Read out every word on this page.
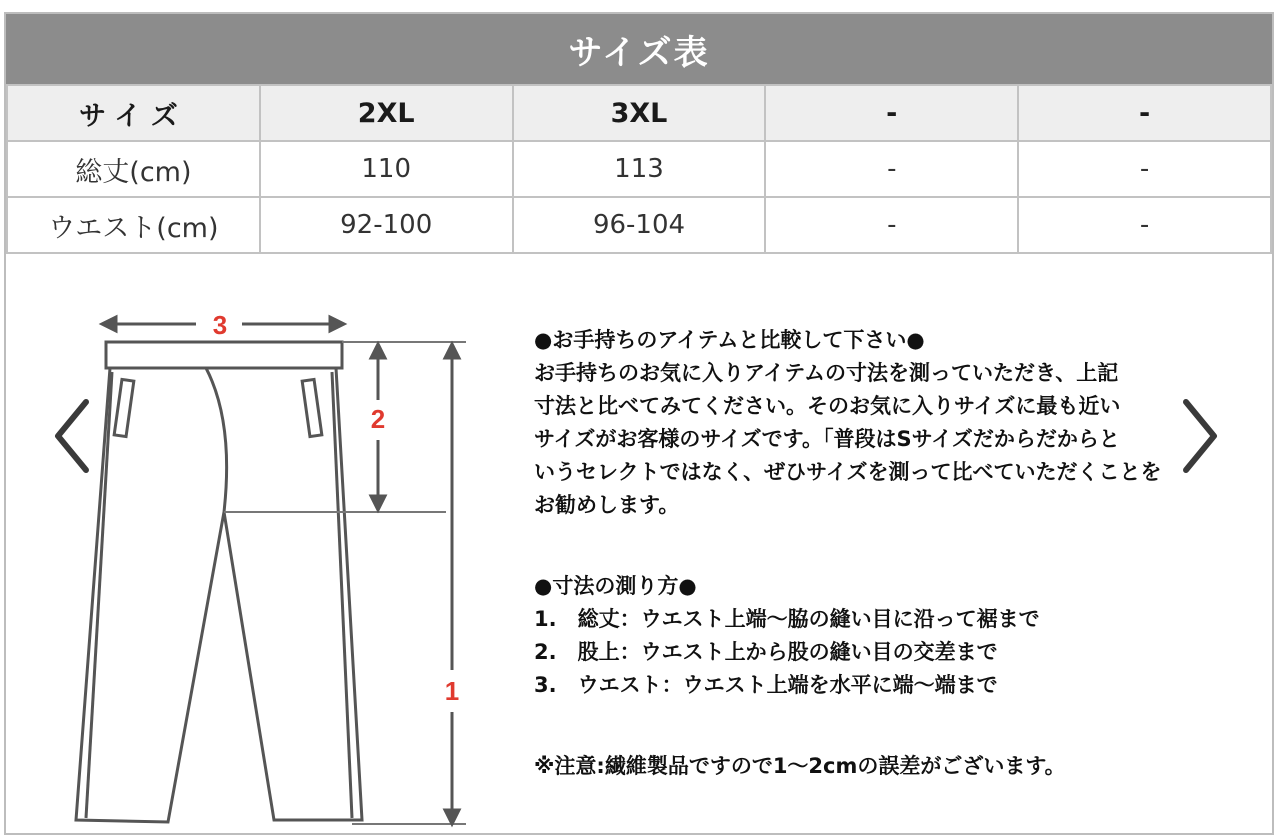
サイズ表
サイズ	2XL	3XL	-	-
総丈(cm)	110	113	-	-
ウエスト(cm)	92-100	96-104	-	-
3
2
1

●お手持ちのアイテムと比較して下さい●

お手持ちのお気に入りアイテムの寸法を測っていただき、上記

寸法と比べてみてください。そのお気に入りサイズに最も近い

サイズがお客様のサイズです。「普段はSサイズだからだからと

いうセレクトではなく、ぜひサイズを測って比べていただくことを

お勧めします。

●寸法の測り方●

1.　総丈：ウエスト上端～脇の縫い目に沿って裾まで
2.　股上：ウエスト上から股の縫い目の交差まで
3.　ウエスト：ウエスト上端を水平に端～端まで

※注意:繊維製品ですので1～2cmの誤差がございます。
